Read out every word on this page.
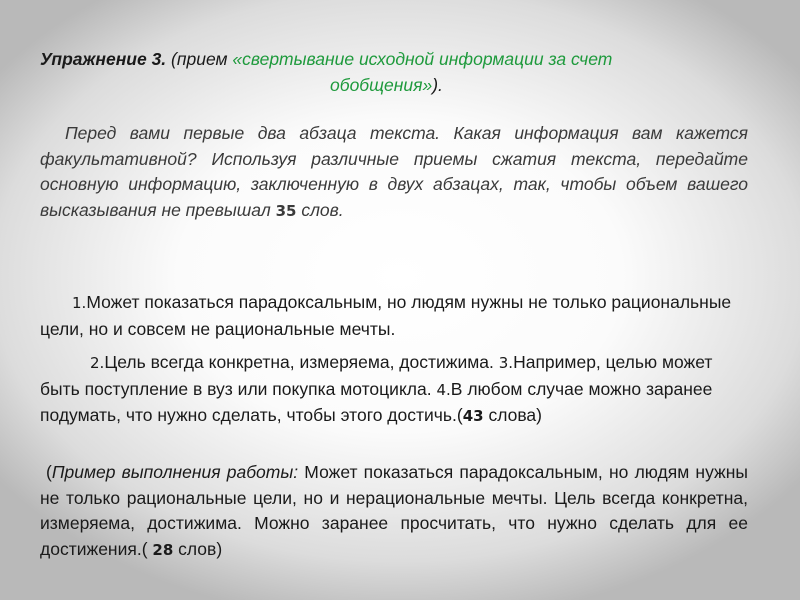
Упражнение 3. (прием «свертывание исходной информации за счет
обобщения»).
Перед вами первые два абзаца текста. Какая информация вам кажется факультативной? Используя различные приемы сжатия текста, передайте основную информацию, заключенную в двух абзацах, так, чтобы объем вашего высказывания не превышал 35 слов.
1.Может показаться парадоксальным, но людям нужны не только рациональные цели, но и совсем не рациональные мечты.
2.Цель всегда конкретна, измеряема, достижима. 3.Например, целью может быть поступление в вуз или покупка мотоцикла. 4.В любом случае можно заранее подумать, что нужно сделать, чтобы этого достичь.(43 слова)
(Пример выполнения работы: Может показаться парадоксальным, но людям нужны не только рациональные цели, но и нерациональные мечты. Цель всегда конкретна, измеряема, достижима. Можно заранее просчитать, что нужно сделать для ее достижения.( 28 слов)
